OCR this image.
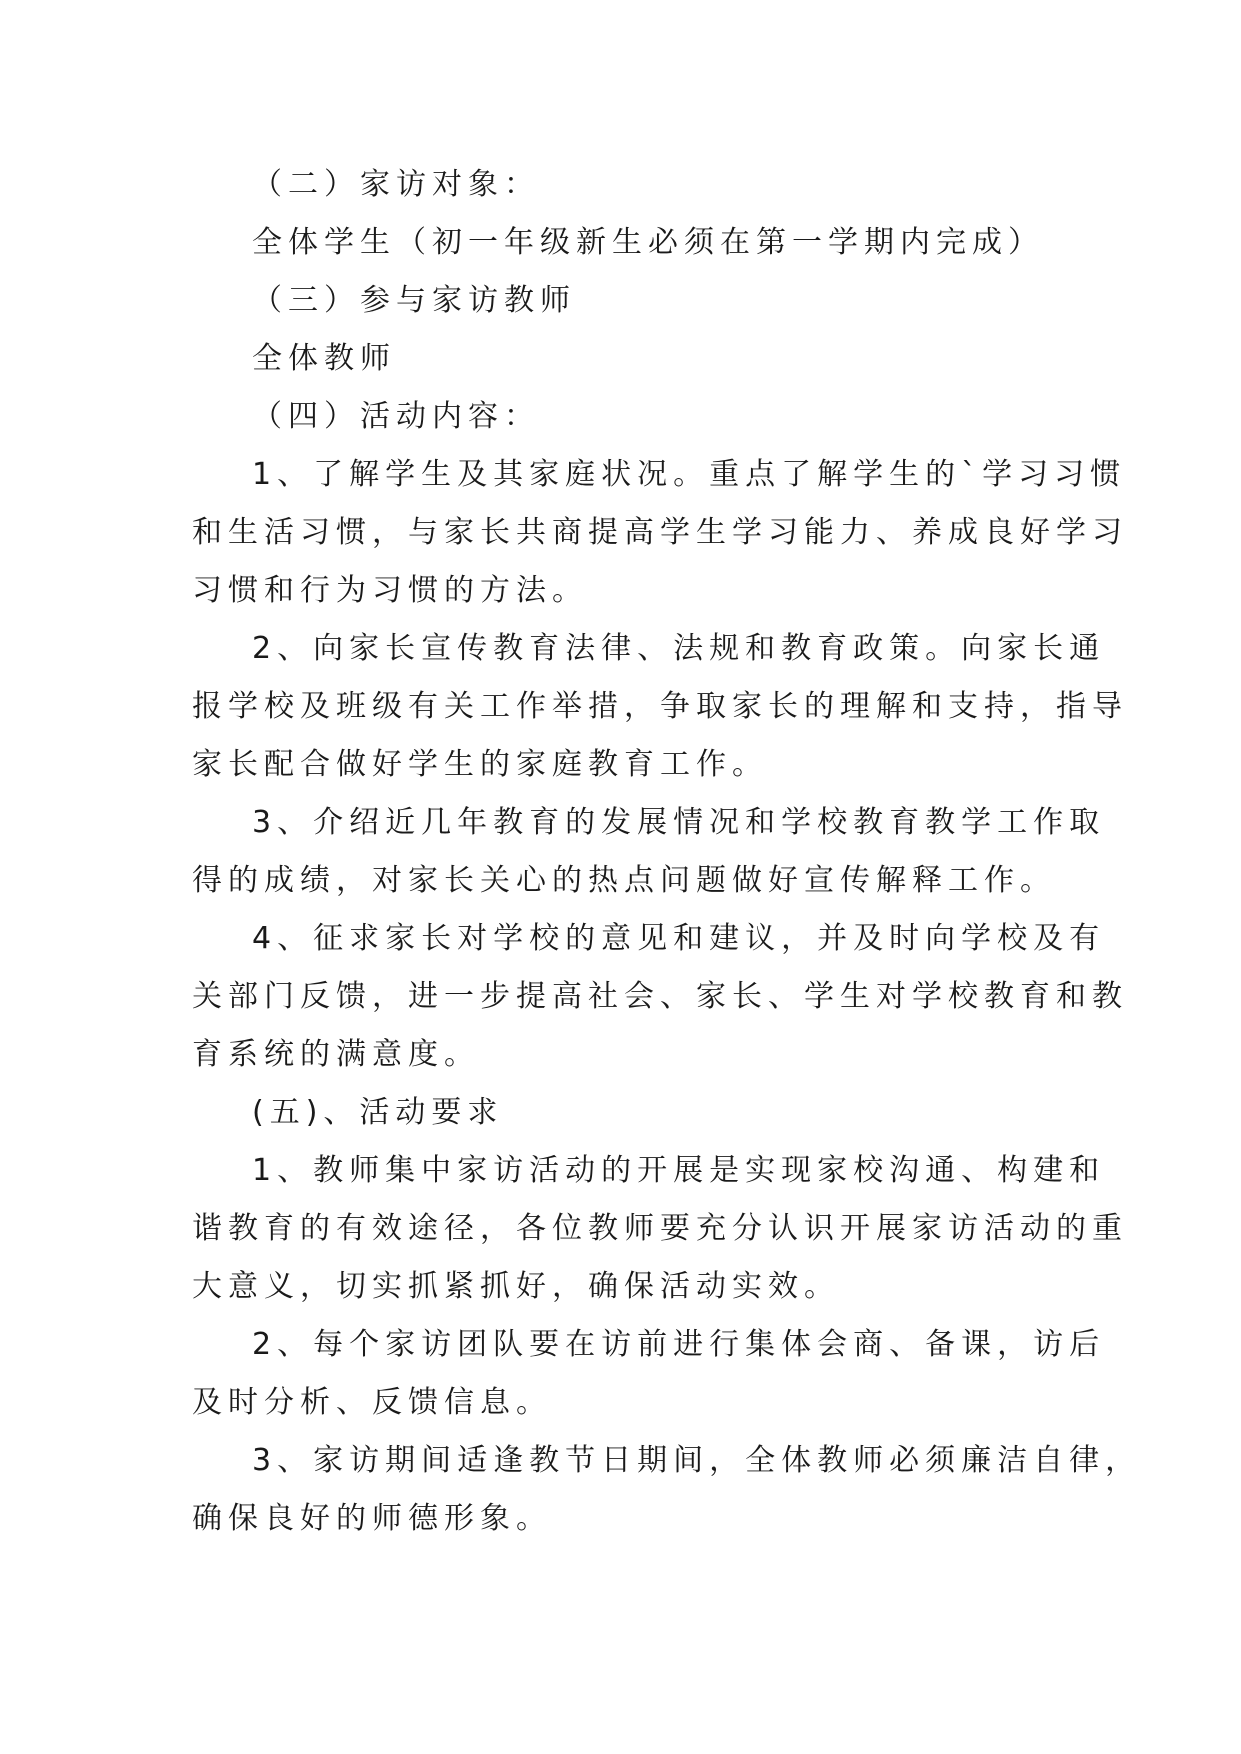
（二）家访对象：
全体学生（初一年级新生必须在第一学期内完成）
（三）参与家访教师
全体教师
（四）活动内容：
1、了解学生及其家庭状况。重点了解学生的`学习习惯
和生活习惯，与家长共商提高学生学习能力、养成良好学习
习惯和行为习惯的方法。
2、向家长宣传教育法律、法规和教育政策。向家长通
报学校及班级有关工作举措，争取家长的理解和支持，指导
家长配合做好学生的家庭教育工作。
3、介绍近几年教育的发展情况和学校教育教学工作取
得的成绩，对家长关心的热点问题做好宣传解释工作。
4、征求家长对学校的意见和建议，并及时向学校及有
关部门反馈，进一步提高社会、家长、学生对学校教育和教
育系统的满意度。
(五)、活动要求
1、教师集中家访活动的开展是实现家校沟通、构建和
谐教育的有效途径，各位教师要充分认识开展家访活动的重
大意义，切实抓紧抓好，确保活动实效。
2、每个家访团队要在访前进行集体会商、备课，访后
及时分析、反馈信息。
3、家访期间适逢教节日期间，全体教师必须廉洁自律，
确保良好的师德形象。
